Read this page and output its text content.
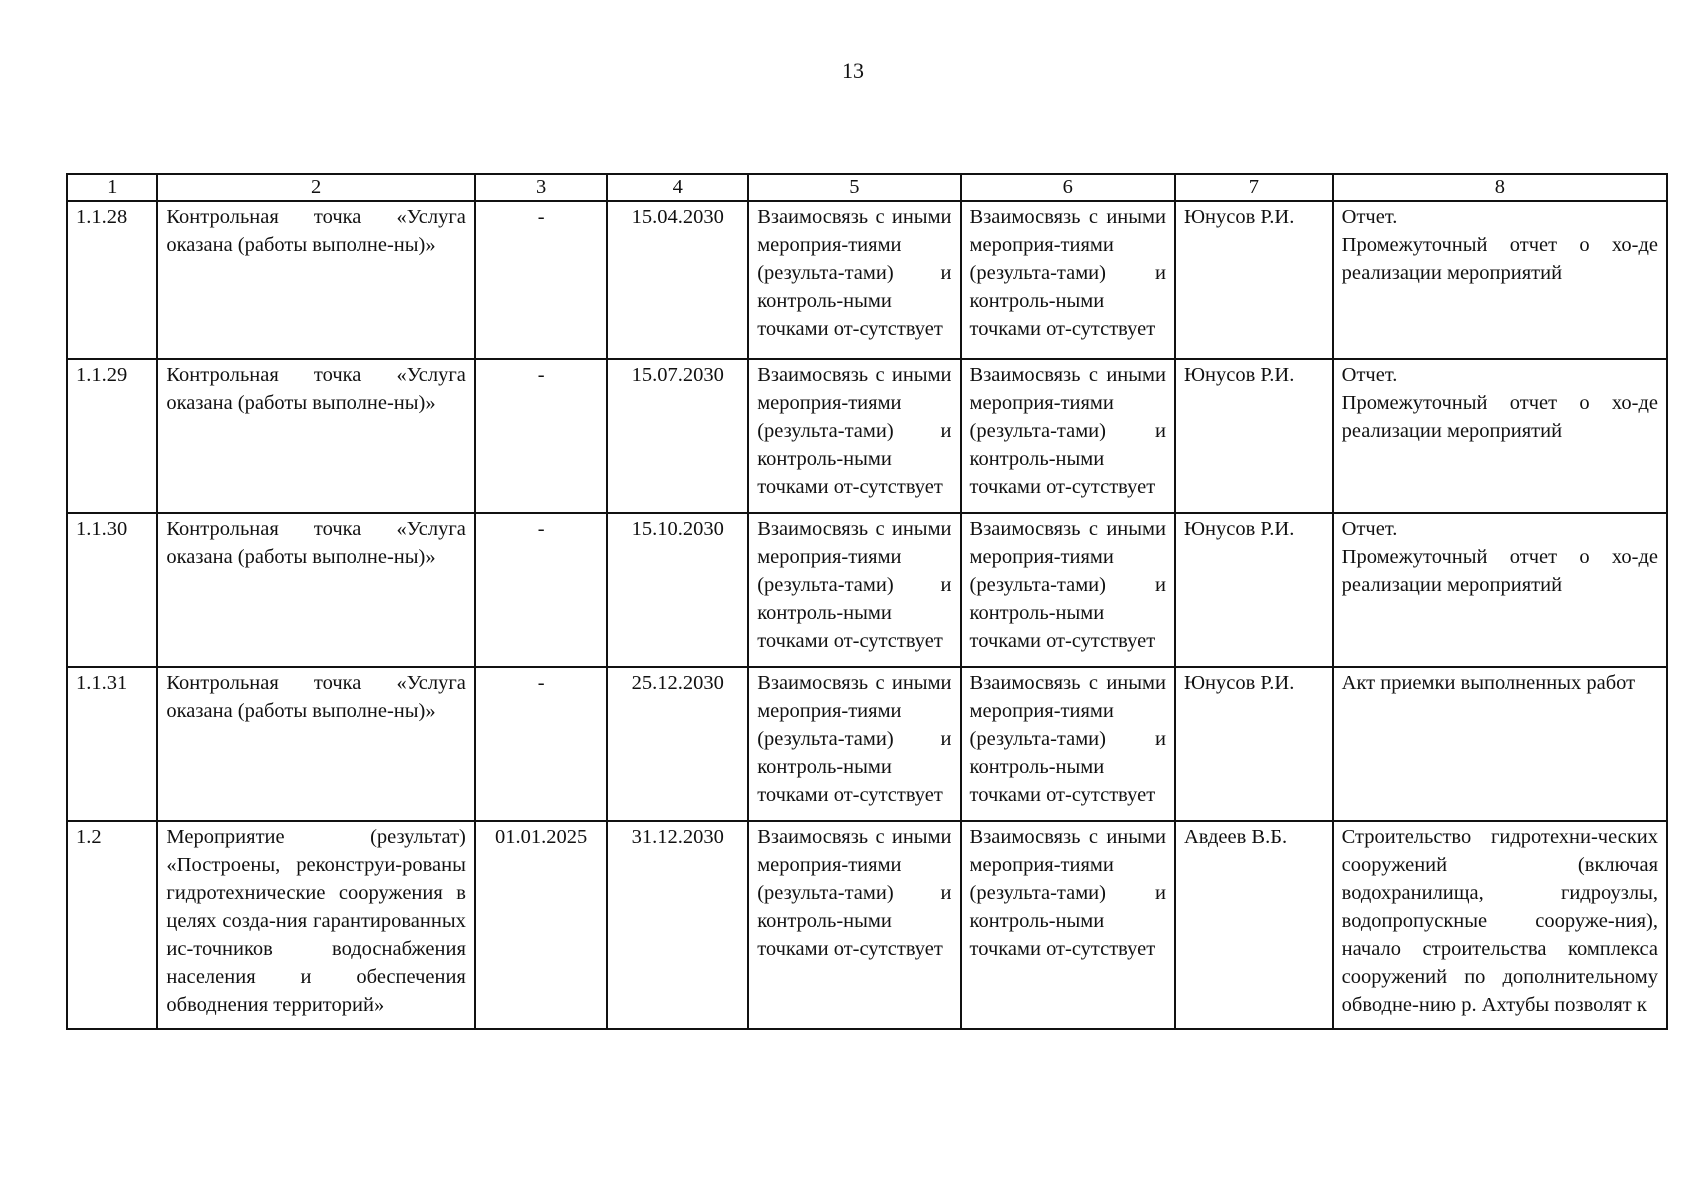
13
1	2	3	4	5	6	7	8
1.1.28	Контрольная точка «Услуга оказана (работы выполне-ны)»	-	15.04.2030	Взаимосвязь с иными мероприя-тиями (результа-тами) и контроль-ными точками от-сутствует	Взаимосвязь с иными мероприя-тиями (результа-тами) и контроль-ными точками от-сутствует	Юнусов Р.И.	Отчет.
Промежуточный отчет о хо-де реализации мероприятий
1.1.29	Контрольная точка «Услуга оказана (работы выполне-ны)»	-	15.07.2030	Взаимосвязь с иными мероприя-тиями (результа-тами) и контроль-ными точками от-сутствует	Взаимосвязь с иными мероприя-тиями (результа-тами) и контроль-ными точками от-сутствует	Юнусов Р.И.	Отчет.
Промежуточный отчет о хо-де реализации мероприятий
1.1.30	Контрольная точка «Услуга оказана (работы выполне-ны)»	-	15.10.2030	Взаимосвязь с иными мероприя-тиями (результа-тами) и контроль-ными точками от-сутствует	Взаимосвязь с иными мероприя-тиями (результа-тами) и контроль-ными точками от-сутствует	Юнусов Р.И.	Отчет.
Промежуточный отчет о хо-де реализации мероприятий
1.1.31	Контрольная точка «Услуга оказана (работы выполне-ны)»	-	25.12.2030	Взаимосвязь с иными мероприя-тиями (результа-тами) и контроль-ными точками от-сутствует	Взаимосвязь с иными мероприя-тиями (результа-тами) и контроль-ными точками от-сутствует	Юнусов Р.И.	Акт приемки выполненных работ
1.2	Мероприятие (результат) «Построены, реконструи-рованы гидротехнические сооружения в целях созда-ния гарантированных ис-точников водоснабжения населения и обеспечения обводнения территорий»	01.01.2025	31.12.2030	Взаимосвязь с иными мероприя-тиями (результа-тами) и контроль-ными точками от-сутствует	Взаимосвязь с иными мероприя-тиями (результа-тами) и контроль-ными точками от-сутствует	Авдеев В.Б.	Строительство гидротехни-ческих сооружений (включая водохранилища, гидроузлы, водопропускные сооруже-ния), начало строительства комплекса сооружений по дополнительному обводне-нию р. Ахтубы позволят к
